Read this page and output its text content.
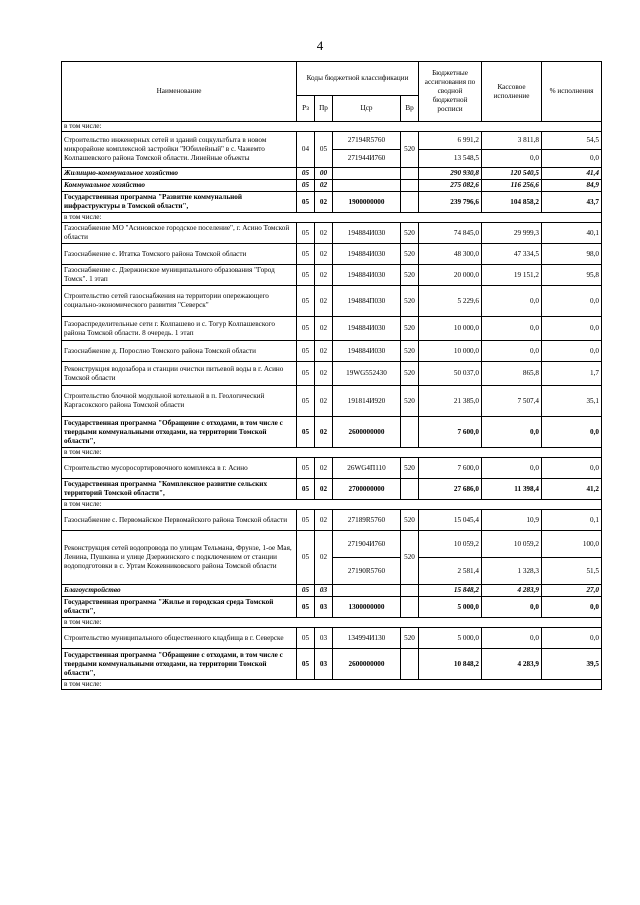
4
Наименование	Коды бюджетной классификации				Бюджетные ассигнования по сводной бюджетной росписи	Кассовое исполнение	% исполнения
	Рз	Пр	Цср	Вр			
в том числе:							
Строительство инженерных сетей и зданий соцкультбыта в новом микрорайоне комплексной застройки "Юбилейный" в с. Чажемто Колпашевского района Томской области. Линейные объекты	04	05	27194R5760	520	6 991,2	3 811,8	54,5
			271944И760		13 548,5	0,0	0,0
Жилищно-коммунальное хозяйство	05	00			290 930,8	120 540,5	41,4
Коммунальное хозяйство	05	02			275 082,6	116 256,6	84,9
Государственная программа "Развитие коммунальной инфраструктуры в Томской области",	05	02	1900000000		239 796,6	104 858,2	43,7
в том числе:							
Газоснабжение МО "Асиновское городское поселение", г. Асино Томской области	05	02	194884И030	520	74 845,0	29 999,3	40,1
Газоснабжение с. Итатка Томского района Томской области	05	02	194884И030	520	48 300,0	47 334,5	98,0
Газоснабжение с. Дзержинское муниципального образования "Город Томск". 1 этап	05	02	194884И030	520	20 000,0	19 151,2	95,8
Строительство сетей газоснабжения на территории опережающего социально-экономического развития "Северск"	05	02	194884П030	520	5 229,6	0,0	0,0
Газораспределительные сети г. Колпашево и с. Тогур Колпашевского района Томской области. 8 очередь. 1 этап	05	02	194884И030	520	10 000,0	0,0	0,0
Газоснабжение д. Порослно Томского района Томской области	05	02	194884И030	520	10 000,0	0,0	0,0
Реконструкция водозабора и станции очистки питьевой воды в г. Асино Томской области	05	02	19WG552430	520	50 037,0	865,8	1,7
Строительство блочной модульной котельной в п. Геологический Каргасокского района Томской области	05	02	191814И920	520	21 385,0	7 507,4	35,1
Государственная программа "Обращение с отходами, в том числе с твердыми коммунальными отходами, на территории Томской области",	05	02	2600000000		7 600,0	0,0	0,0
в том числе:							
Строительство мусоросортировочного комплекса в г. Асино	05	02	26WG4П110	520	7 600,0	0,0	0,0
Государственная программа "Комплексное развитие сельских территорий Томской области",	05	02	2700000000		27 686,0	11 398,4	41,2
в том числе:							
Газоснабжение с. Первомайское Первомайского района Томской области	05	02	27189R5760	520	15 045,4	10,9	0,1
Реконструкция сетей водопровода по улицам Тельмана, Фрунзе, 1-ое Мая, Ленина, Пушкина и улице Дзержинского с подключением от станции водоподготовки в с. Уртам Кожевниковского района Томской области	05	02	271904И760	520	10 059,2	10 059,2	100,0
			27190R5760		2 581,4	1 328,3	51,5
Благоустройство	05	03			15 848,2	4 283,9	27,0
Государственная программа "Жилье и городская среда Томской области",	05	03	1300000000		5 000,0	0,0	0,0
в том числе:							
Строительство муниципального общественного кладбища в г. Северске	05	03	134994И130	520	5 000,0	0,0	0,0
Государственная программа "Обращение с отходами, в том числе с твердыми коммунальными отходами, на территории Томской области",	05	03	2600000000		10 848,2	4 283,9	39,5
в том числе:							
